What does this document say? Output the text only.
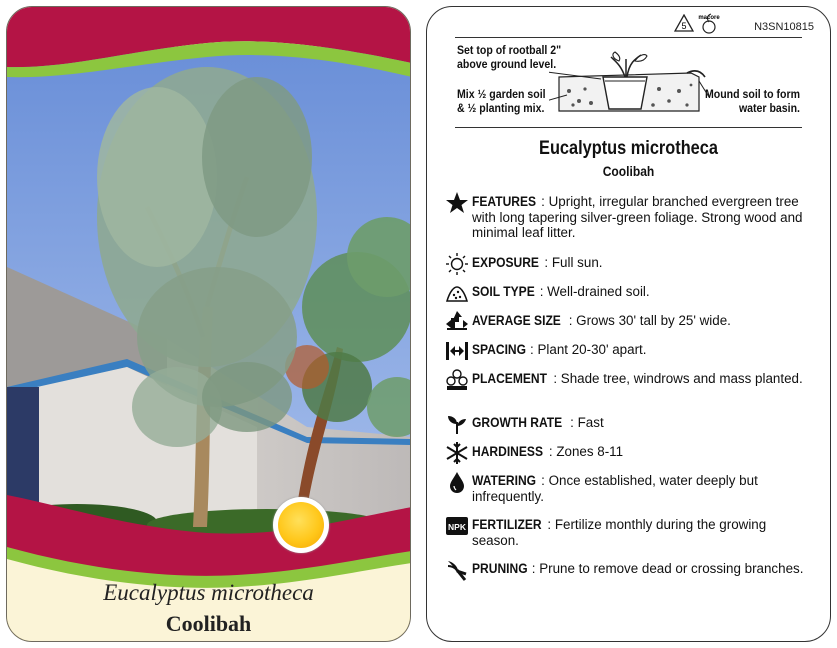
Eucalyptus microtheca
Coolibah
5
macore
N3SN10815
Set top of rootball 2"
above ground level.
Mix ½ garden soil
& ½ planting mix.
Mound soil to form
water basin.
Eucalyptus microtheca
Coolibah
FEATURES : Upright, irregular branched evergreen tree with long tapering silver-green foliage. Strong wood and minimal leaf litter.
EXPOSURE : Full sun.
SOIL TYPE : Well-drained soil.
AVERAGE SIZE : Grows 30' tall by 25' wide.
SPACING : Plant 20-30' apart.
PLACEMENT : Shade tree, windrows and mass planted.
GROWTH RATE : Fast
HARDINESS : Zones 8-11
WATERING : Once established, water deeply but infrequently.
NPK FERTILIZER : Fertilize monthly during the growing season.
PRUNING : Prune to remove dead or crossing branches.
